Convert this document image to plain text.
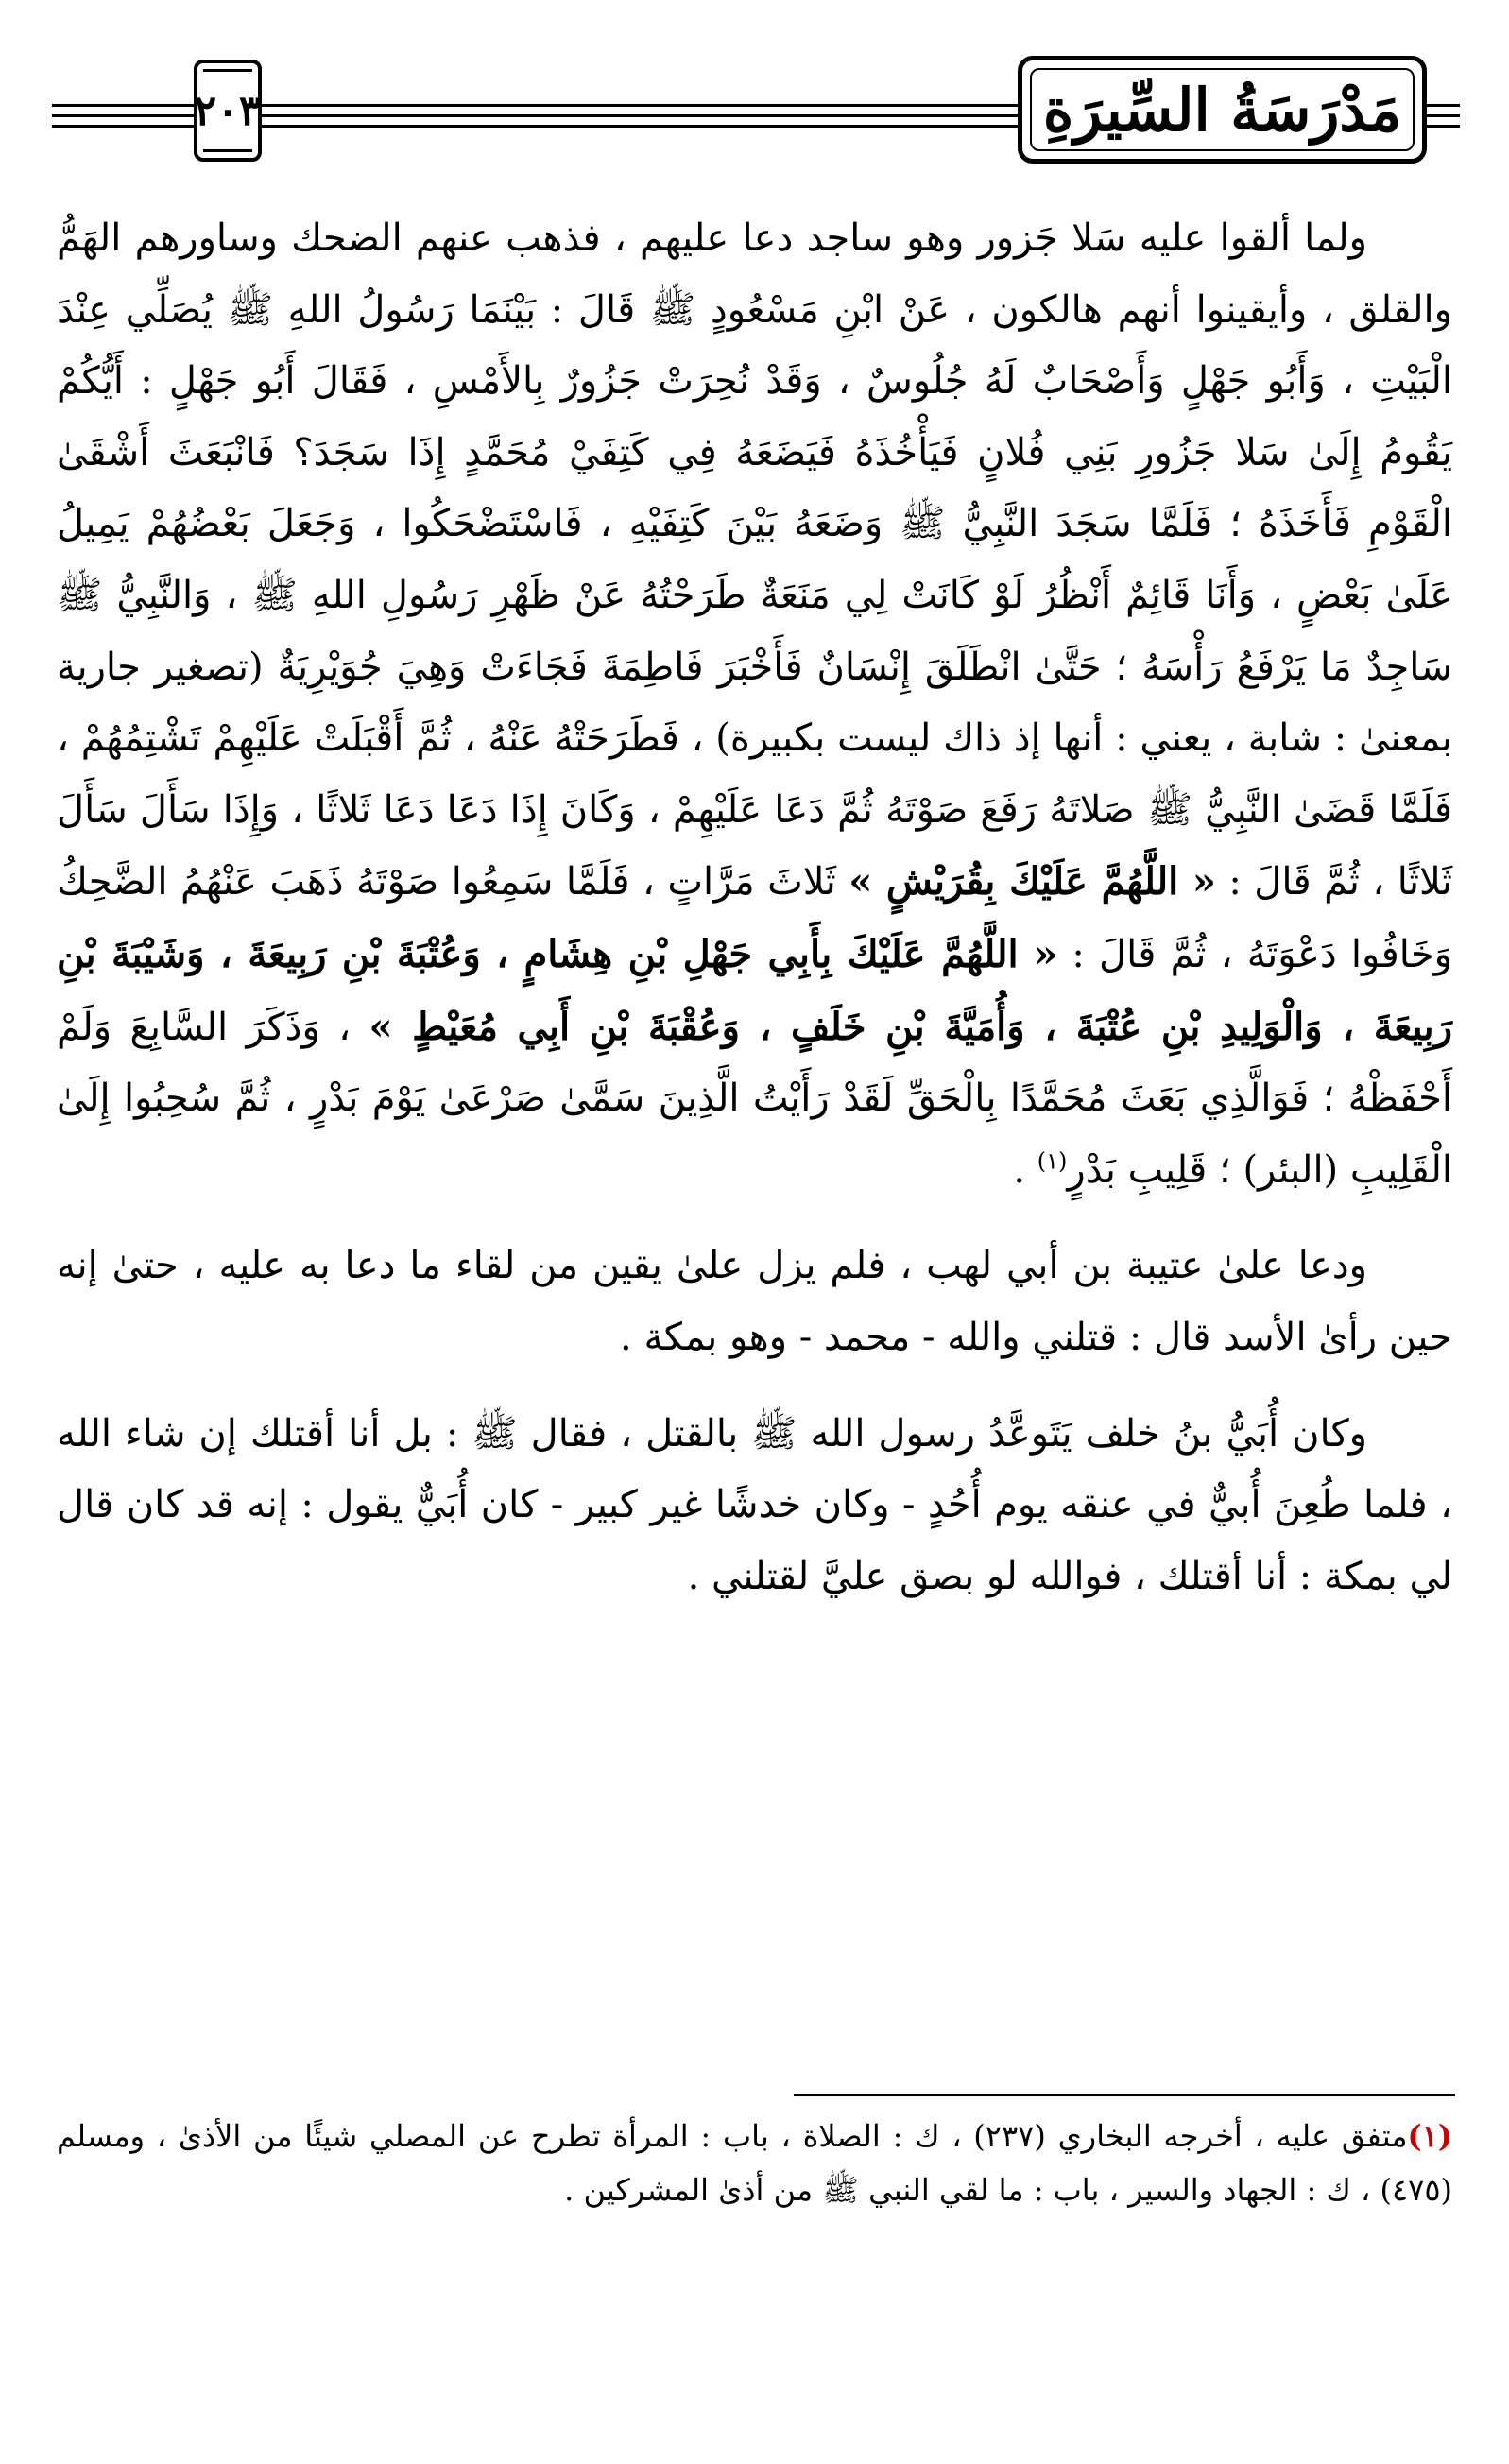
٢٠٣	مَدْرَسَةُ السِّيرَةِ

ولما ألقوا عليه سَلا جَزور وهو ساجد دعا عليهم ، فذهب عنهم الضحك وساورهم الهَمُّ والقلق ، وأيقينوا أنهم هالكون ، عَنْ ابْنِ مَسْعُودٍ ﷺ قَالَ : بَيْنَمَا رَسُولُ اللهِ ﷺ يُصَلِّي عِنْدَ الْبَيْتِ ، وَأَبُو جَهْلٍ وَأَصْحَابٌ لَهُ جُلُوسٌ ، وَقَدْ نُحِرَتْ جَزُورٌ بِالأَمْسِ ، فَقَالَ أَبُو جَهْلٍ : أَيُّكُمْ يَقُومُ إِلَىٰ سَلا جَزُورِ بَنِي فُلانٍ فَيَأْخُذَهُ فَيَضَعَهُ فِي كَتِفَيْ مُحَمَّدٍ إِذَا سَجَدَ؟ فَانْبَعَثَ أَشْقَىٰ الْقَوْمِ فَأَخَذَهُ ؛ فَلَمَّا سَجَدَ النَّبِيُّ ﷺ وَضَعَهُ بَيْنَ كَتِفَيْهِ ، فَاسْتَضْحَكُوا ، وَجَعَلَ بَعْضُهُمْ يَمِيلُ عَلَىٰ بَعْضٍ ، وَأَنَا قَائِمٌ أَنْظُرُ لَوْ كَانَتْ لِي مَنَعَةٌ طَرَحْتُهُ عَنْ ظَهْرِ رَسُولِ اللهِ ﷺ ، وَالنَّبِيُّ ﷺ سَاجِدٌ مَا يَرْفَعُ رَأْسَهُ ؛ حَتَّىٰ انْطَلَقَ إِنْسَانٌ فَأَخْبَرَ فَاطِمَةَ فَجَاءَتْ وَهِيَ جُوَيْرِيَةٌ (تصغير جارية بمعنىٰ : شابة ، يعني : أنها إذ ذاك ليست بكبيرة) ، فَطَرَحَتْهُ عَنْهُ ، ثُمَّ أَقْبَلَتْ عَلَيْهِمْ تَشْتِمُهُمْ ، فَلَمَّا قَضَىٰ النَّبِيُّ ﷺ صَلاتَهُ رَفَعَ صَوْتَهُ ثُمَّ دَعَا عَلَيْهِمْ ، وَكَانَ إِذَا دَعَا دَعَا ثَلاثًا ، وَإِذَا سَأَلَ سَأَلَ ثَلاثًا ، ثُمَّ قَالَ : « اللَّهُمَّ عَلَيْكَ بِقُرَيْشٍ » ثَلاثَ مَرَّاتٍ ، فَلَمَّا سَمِعُوا صَوْتَهُ ذَهَبَ عَنْهُمُ الضَّحِكُ وَخَافُوا دَعْوَتَهُ ، ثُمَّ قَالَ : « اللَّهُمَّ عَلَيْكَ بِأَبِي جَهْلِ بْنِ هِشَامٍ ، وَعُتْبَةَ بْنِ رَبِيعَةَ ، وَشَيْبَةَ بْنِ رَبِيعَةَ ، وَالْوَلِيدِ بْنِ عُتْبَةَ ، وَأُمَيَّةَ بْنِ خَلَفٍ ، وَعُقْبَةَ بْنِ أَبِي مُعَيْطٍ » ، وَذَكَرَ السَّابِعَ وَلَمْ أَحْفَظْهُ ؛ فَوَالَّذِي بَعَثَ مُحَمَّدًا بِالْحَقِّ لَقَدْ رَأَيْتُ الَّذِينَ سَمَّىٰ صَرْعَىٰ يَوْمَ بَدْرٍ ، ثُمَّ سُحِبُوا إِلَىٰ الْقَلِيبِ (البئر) ؛ قَلِيبِ بَدْرٍ$^{(١)}$ .

ودعا علىٰ عتيبة بن أبي لهب ، فلم يزل علىٰ يقين من لقاء ما دعا به عليه ، حتىٰ إنه حين رأىٰ الأسد قال : قتلني والله - محمد - وهو بمكة .

وكان أُبَيُّ بنُ خلف يَتَوعَّدُ رسول الله ﷺ بالقتل ، فقال ﷺ : بل أنا أقتلك إن شاء الله ، فلما طُعِنَ أُبيٌّ في عنقه يوم أُحُدٍ - وكان خدشًا غير كبير - كان أُبَيٌّ يقول : إنه قد كان قال لي بمكة : أنا أقتلك ، فوالله لو بصق عليَّ لقتلني .

(١)متفق عليه ، أخرجه البخاري (٢٣٧) ، ك : الصلاة ، باب : المرأة تطرح عن المصلي شيئًا من الأذىٰ ، ومسلم (٤٧٥) ، ك : الجهاد والسير ، باب : ما لقي النبي ﷺ من أذىٰ المشركين .
